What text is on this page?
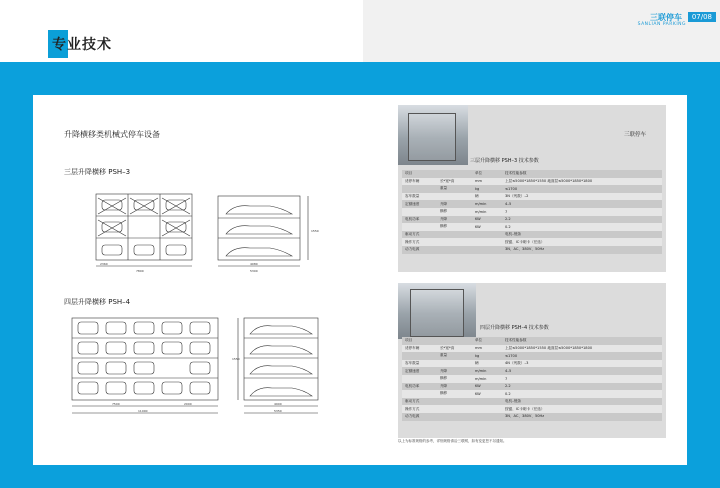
专业技术
三联停车	07/08
SANLIAN PARKING
升降横移类机械式停车设备
三层升降横移 PSH–3
四层升降横移 PSH–4
2360
7800
4080
5300
1550
7500	2000
11000
4900
5350
1550
三联停车
三层升降横移 PSH–3 技术参数
项目		单位	技术性能参数
适停车辆	长*宽*高	mm	上层≤5000*1850*1550 地面层≤5000*1850*1800
	重量	kg	≤1700
容车数量		辆	3N（列数）–2
定额速度	升降	m/min	4–5
	横移	m/min	7
电机功率	升降	KW	2.2
	横移	KW	0.2
驱动方式			电机–链条
操作方式			按键、IC卡刷卡（任选）
动力电源			3N、AC、380V、50Hz
四层升降横移 PSH–4 技术参数
项目		单位	技术性能参数
适停车辆	长*宽*高	mm	上层≤5000*1850*1550 地面层≤5000*1850*1800
	重量	kg	≤1700
容车数量		辆	4N（列数）–3
定额速度	升降	m/min	4–5
	横移	m/min	7
电机功率	升降	KW	2.2
	横移	KW	0.2
驱动方式			电机–链条
操作方式			按键、IC卡刷卡（任选）
动力电源			3N、AC、380V、50Hz
以上为标准规格的参考，详细规格请洽三联网，如有变更恕不另通知。
